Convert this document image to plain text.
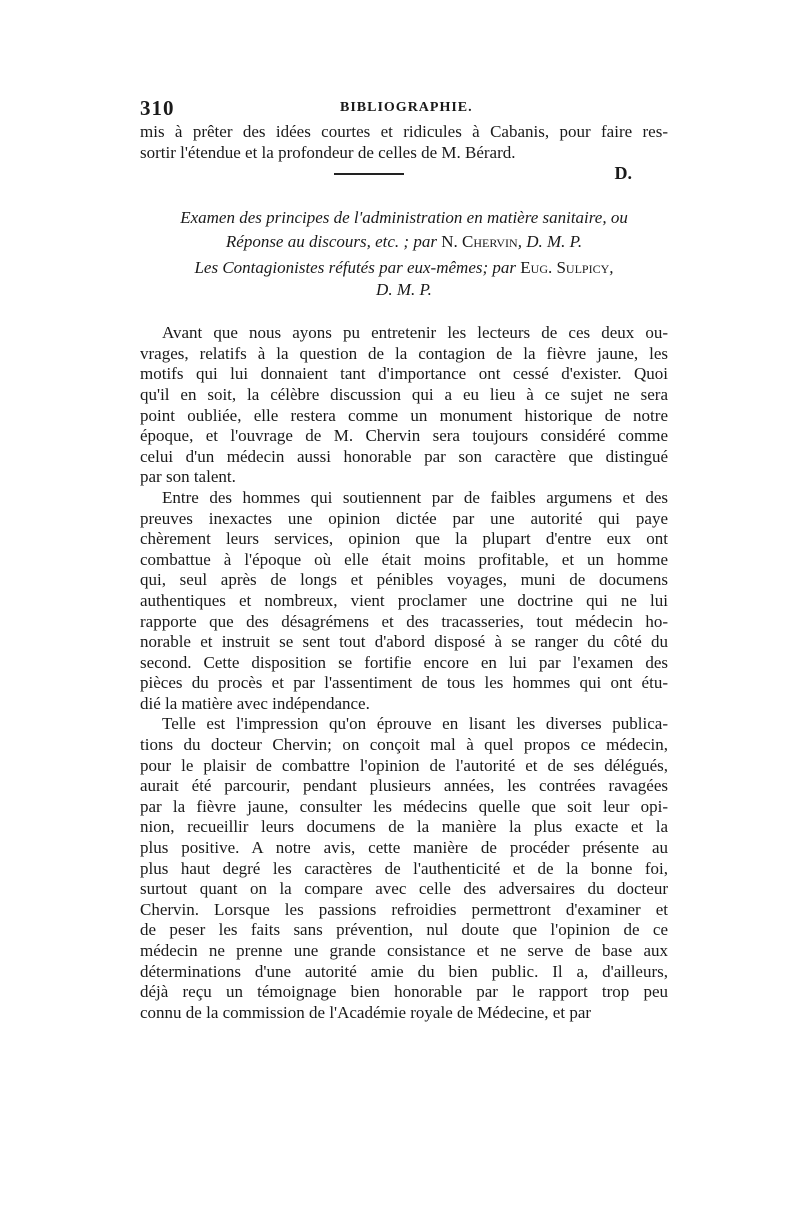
310	BIBLIOGRAPHIE.
mis à prêter des idées courtes et ridicules à Cabanis, pour faire res-
sortir l'étendue et la profondeur de celles de M. Bérard.
D.
Examen des principes de l'administration en matière sanitaire, ou
Réponse au discours, etc. ; par N. Chervin, D. M. P.
Les Contagionistes réfutés par eux-mêmes; par Eug. Sulpicy,
D. M. P.
Avant que nous ayons pu entretenir les lecteurs de ces deux ou-
vrages, relatifs à la question de la contagion de la fièvre jaune, les
motifs qui lui donnaient tant d'importance ont cessé d'exister. Quoi
qu'il en soit, la célèbre discussion qui a eu lieu à ce sujet ne sera
point oubliée, elle restera comme un monument historique de notre
époque, et l'ouvrage de M. Chervin sera toujours considéré comme
celui d'un médecin aussi honorable par son caractère que distingué
par son talent.
Entre des hommes qui soutiennent par de faibles argumens et des
preuves inexactes une opinion dictée par une autorité qui paye
chèrement leurs services, opinion que la plupart d'entre eux ont
combattue à l'époque où elle était moins profitable, et un homme
qui, seul après de longs et pénibles voyages, muni de documens
authentiques et nombreux, vient proclamer une doctrine qui ne lui
rapporte que des désagrémens et des tracasseries, tout médecin ho-
norable et instruit se sent tout d'abord disposé à se ranger du côté du
second. Cette disposition se fortifie encore en lui par l'examen des
pièces du procès et par l'assentiment de tous les hommes qui ont étu-
dié la matière avec indépendance.
Telle est l'impression qu'on éprouve en lisant les diverses publica-
tions du docteur Chervin; on conçoit mal à quel propos ce médecin,
pour le plaisir de combattre l'opinion de l'autorité et de ses délégués,
aurait été parcourir, pendant plusieurs années, les contrées ravagées
par la fièvre jaune, consulter les médecins quelle que soit leur opi-
nion, recueillir leurs documens de la manière la plus exacte et la
plus positive. A notre avis, cette manière de procéder présente au
plus haut degré les caractères de l'authenticité et de la bonne foi,
surtout quant on la compare avec celle des adversaires du docteur
Chervin. Lorsque les passions refroidies permettront d'examiner et
de peser les faits sans prévention, nul doute que l'opinion de ce
médecin ne prenne une grande consistance et ne serve de base aux
déterminations d'une autorité amie du bien public. Il a, d'ailleurs,
déjà reçu un témoignage bien honorable par le rapport trop peu
connu de la commission de l'Académie royale de Médecine, et par
